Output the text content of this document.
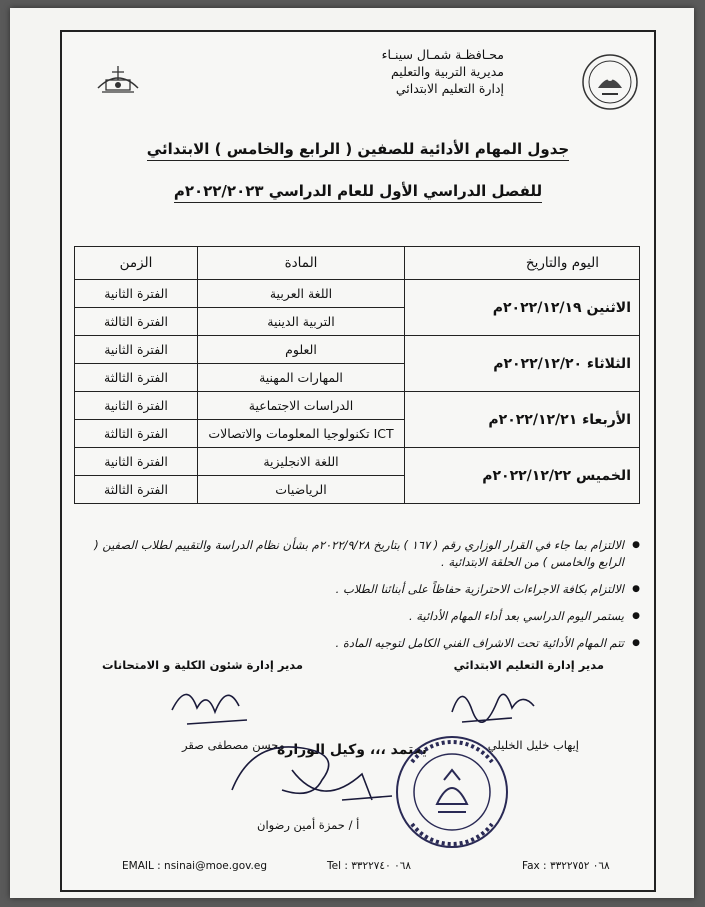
محـافظـة شمـال سينـاء
مديرية التربية والتعليم
إدارة التعليم الابتدائي
جدول المهام الأدائية للصفين ( الرابع والخامس ) الابتدائي
للفصل الدراسي الأول للعام الدراسي ٢٠٢٢/٢٠٢٣م
اليوم والتاريخ	المادة	الزمن
الاثنين ٢٠٢٢/١٢/١٩م	اللغة العربية	الفترة الثانية
	التربية الدينية	الفترة الثالثة
الثلاثاء ٢٠٢٢/١٢/٢٠م	العلوم	الفترة الثانية
	المهارات المهنية	الفترة الثالثة
الأربعاء ٢٠٢٢/١٢/٢١م	الدراسات الاجتماعية	الفترة الثانية
	ICT تكنولوجيا المعلومات والاتصالات	الفترة الثالثة
الخميس ٢٠٢٢/١٢/٢٢م	اللغة الانجليزية	الفترة الثانية
	الرياضيات	الفترة الثالثة
● الالتزام بما جاء في القرار الوزاري رقم ( ١٦٧ ) بتاريخ ٢٠٢٢/٩/٢٨م بشأن نظام الدراسة والتقييم لطلاب الصفين ( الرابع والخامس ) من الحلقة الابتدائية .
● الالتزام بكافة الاجراءات الاحترازية حفاظاً على أبنائنا الطلاب .
● يستمر اليوم الدراسي بعد أداء المهام الأدائية .
● تتم المهام الأدائية تحت الاشراف الفني الكامل لتوجيه المادة .
مدير إدارة التعليم الابتدائي
مدير إدارة شئون الكلية و الامتحانات
إيهاب خليل الخليلي
محسن مصطفى صقر
يعتمد ،،، وكيل الوزارة
أ / حمزة أمين رضوان
EMAIL : nsinai@moe.gov.eg	Tel : ٠٦٨ ٣٣٢٢٧٤٠	Fax : ٠٦٨ ٣٣٢٢٧٥٢
